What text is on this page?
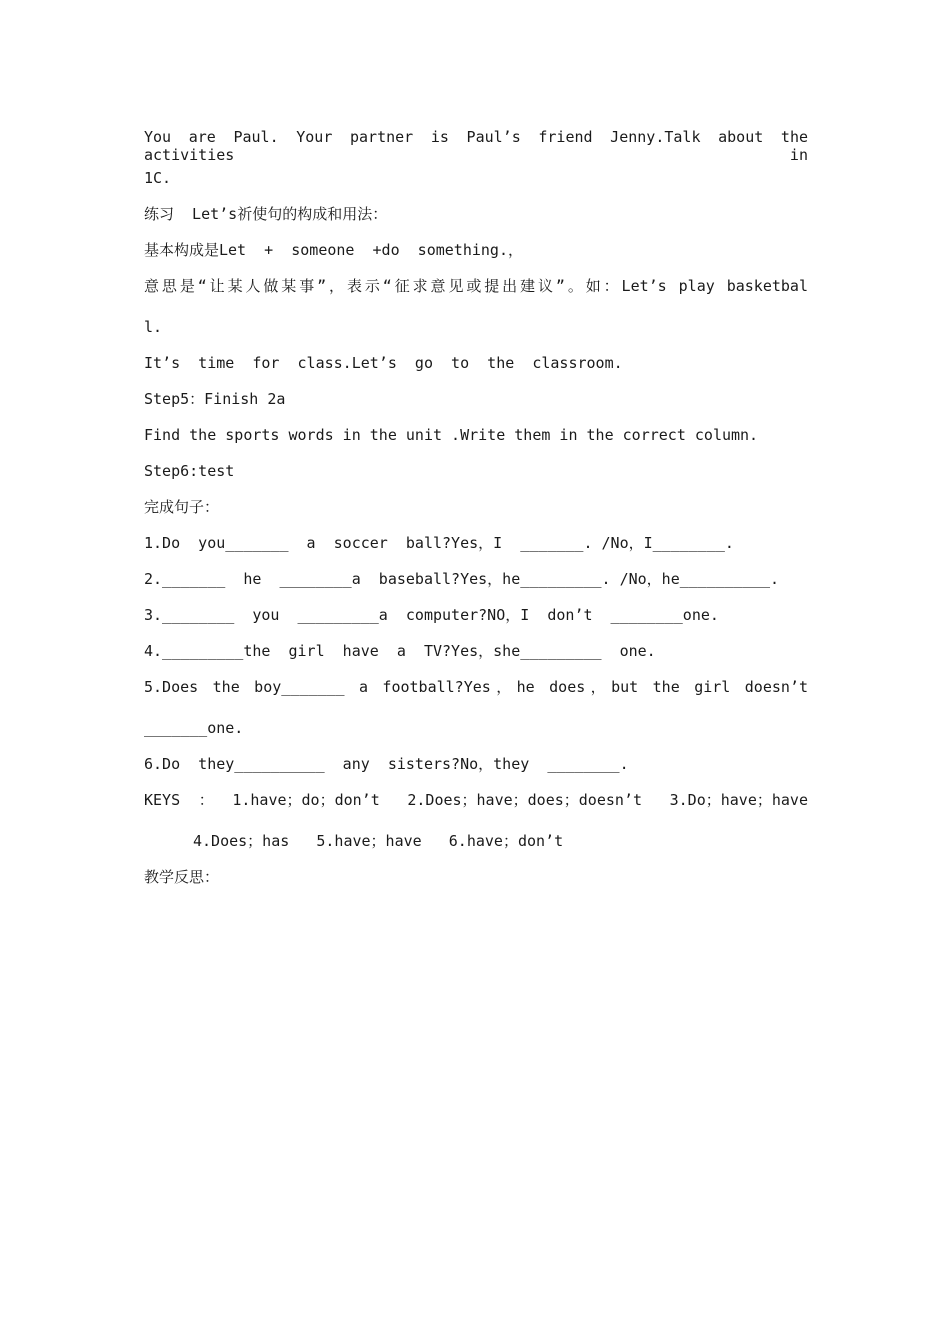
You are Paul. Your partner is Paul’s friend Jenny.Talk about the activities in
1C.
练习  Let’s祈使句的构成和用法：
基本构成是Let  +  someone  +do  something.，
意思是“让某人做某事”，表示“征求意见或提出建议”。如：Let’s play basketbal
l.
It’s  time  for  class.Let’s  go  to  the  classroom.
Step5：Finish 2a
Find the sports words in the unit .Write them in the correct column.
Step6:test
完成句子：
1.Do  you_______  a  soccer  ball?Yes，I  _______. /No，I________.
2._______  he  ________a  baseball?Yes，he_________. /No，he__________.
3.________  you  _________a  computer?NO，I  don’t  ________one.
4._________the  girl  have  a  TV?Yes，she_________  one.
5.Does the boy_______ a football?Yes，he does，but the girl doesn’t
_______one.
6.Do  they__________  any  sisters?No，they  ________.
KEYS：1.have；do；don’t 2.Does；have；does；doesn’t 3.Do；have；have
4.Does；has   5.have；have   6.have；don’t
教学反思：
